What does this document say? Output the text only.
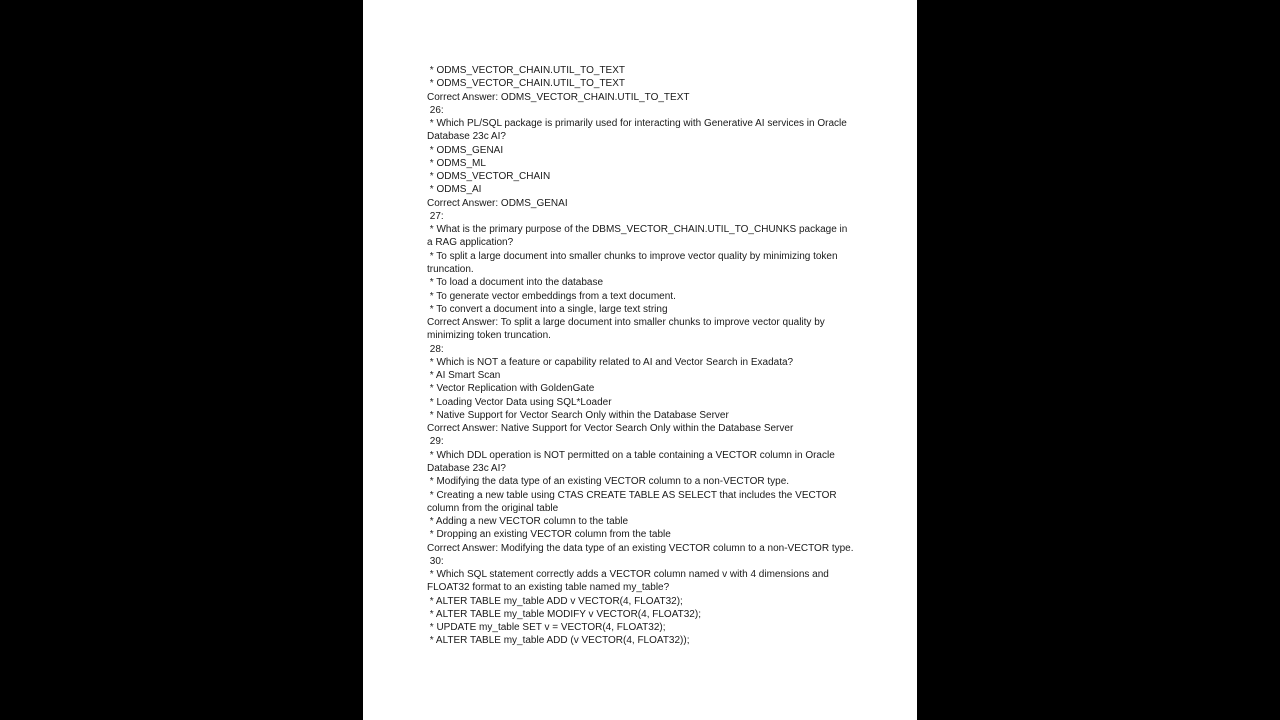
* ODMS_VECTOR_CHAIN.UTIL_TO_TEXT
* ODMS_VECTOR_CHAIN.UTIL_TO_TEXT
Correct Answer: ODMS_VECTOR_CHAIN.UTIL_TO_TEXT
26:
* Which PL/SQL package is primarily used for interacting with Generative AI services in Oracle
Database 23c AI?
* ODMS_GENAI
* ODMS_ML
* ODMS_VECTOR_CHAIN
* ODMS_AI
Correct Answer: ODMS_GENAI
27:
* What is the primary purpose of the DBMS_VECTOR_CHAIN.UTIL_TO_CHUNKS package in
a RAG application?
* To split a large document into smaller chunks to improve vector quality by minimizing token
truncation.
* To load a document into the database
* To generate vector embeddings from a text document.
* To convert a document into a single, large text string
Correct Answer: To split a large document into smaller chunks to improve vector quality by
minimizing token truncation.
28:
* Which is NOT a feature or capability related to AI and Vector Search in Exadata?
* AI Smart Scan
* Vector Replication with GoldenGate
* Loading Vector Data using SQL*Loader
* Native Support for Vector Search Only within the Database Server
Correct Answer: Native Support for Vector Search Only within the Database Server
29:
* Which DDL operation is NOT permitted on a table containing a VECTOR column in Oracle
Database 23c AI?
* Modifying the data type of an existing VECTOR column to a non-VECTOR type.
* Creating a new table using CTAS CREATE TABLE AS SELECT that includes the VECTOR
column from the original table
* Adding a new VECTOR column to the table
* Dropping an existing VECTOR column from the table
Correct Answer: Modifying the data type of an existing VECTOR column to a non-VECTOR type.
30:
* Which SQL statement correctly adds a VECTOR column named v with 4 dimensions and
FLOAT32 format to an existing table named my_table?
* ALTER TABLE my_table ADD v VECTOR(4, FLOAT32);
* ALTER TABLE my_table MODIFY v VECTOR(4, FLOAT32);
* UPDATE my_table SET v = VECTOR(4, FLOAT32);
* ALTER TABLE my_table ADD (v VECTOR(4, FLOAT32));
